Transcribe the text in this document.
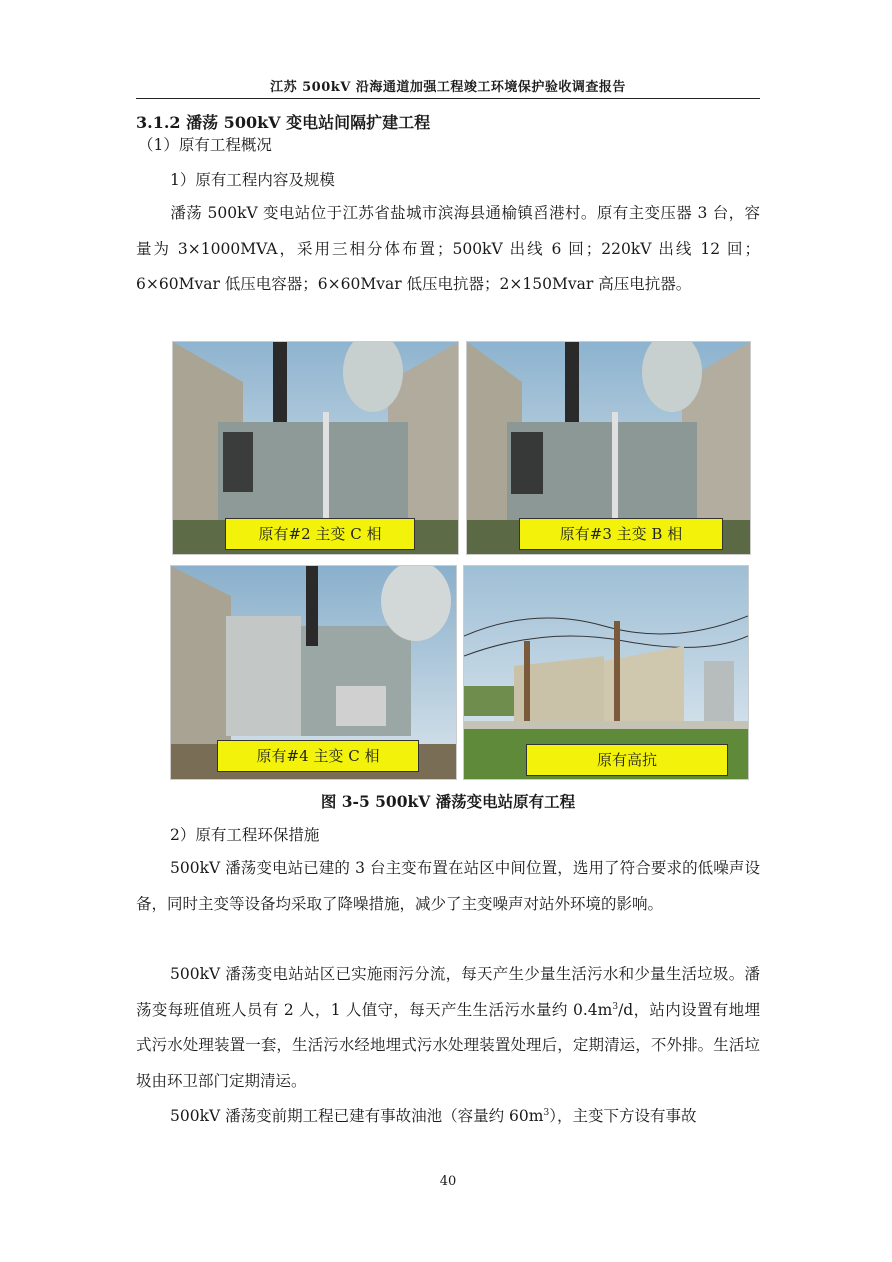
江苏 500kV 沿海通道加强工程竣工环境保护验收调查报告
3.1.2 潘荡 500kV 变电站间隔扩建工程
（1）原有工程概况
1）原有工程内容及规模
潘荡 500kV 变电站位于江苏省盐城市滨海县通榆镇舀港村。原有主变压器 3 台，容量为 3×1000MVA，采用三相分体布置；500kV 出线 6 回；220kV 出线 12 回；6×60Mvar 低压电容器；6×60Mvar 低压电抗器；2×150Mvar 高压电抗器。
原有#2 主变 C 相	原有#3 主变 B 相
原有#4 主变 C 相	原有高抗
图 3-5 500kV 潘荡变电站原有工程
2）原有工程环保措施
500kV 潘荡变电站已建的 3 台主变布置在站区中间位置，选用了符合要求的低噪声设备，同时主变等设备均采取了降噪措施，减少了主变噪声对站外环境的影响。
500kV 潘荡变电站站区已实施雨污分流，每天产生少量生活污水和少量生活垃圾。潘荡变每班值班人员有 2 人，1 人值守，每天产生生活污水量约 $0.4m^3/d$，站内设置有地埋式污水处理装置一套，生活污水经地埋式污水处理装置处理后，定期清运，不外排。生活垃圾由环卫部门定期清运。
500kV 潘荡变前期工程已建有事故油池（容量约 $60m^3$），主变下方设有事故
40
